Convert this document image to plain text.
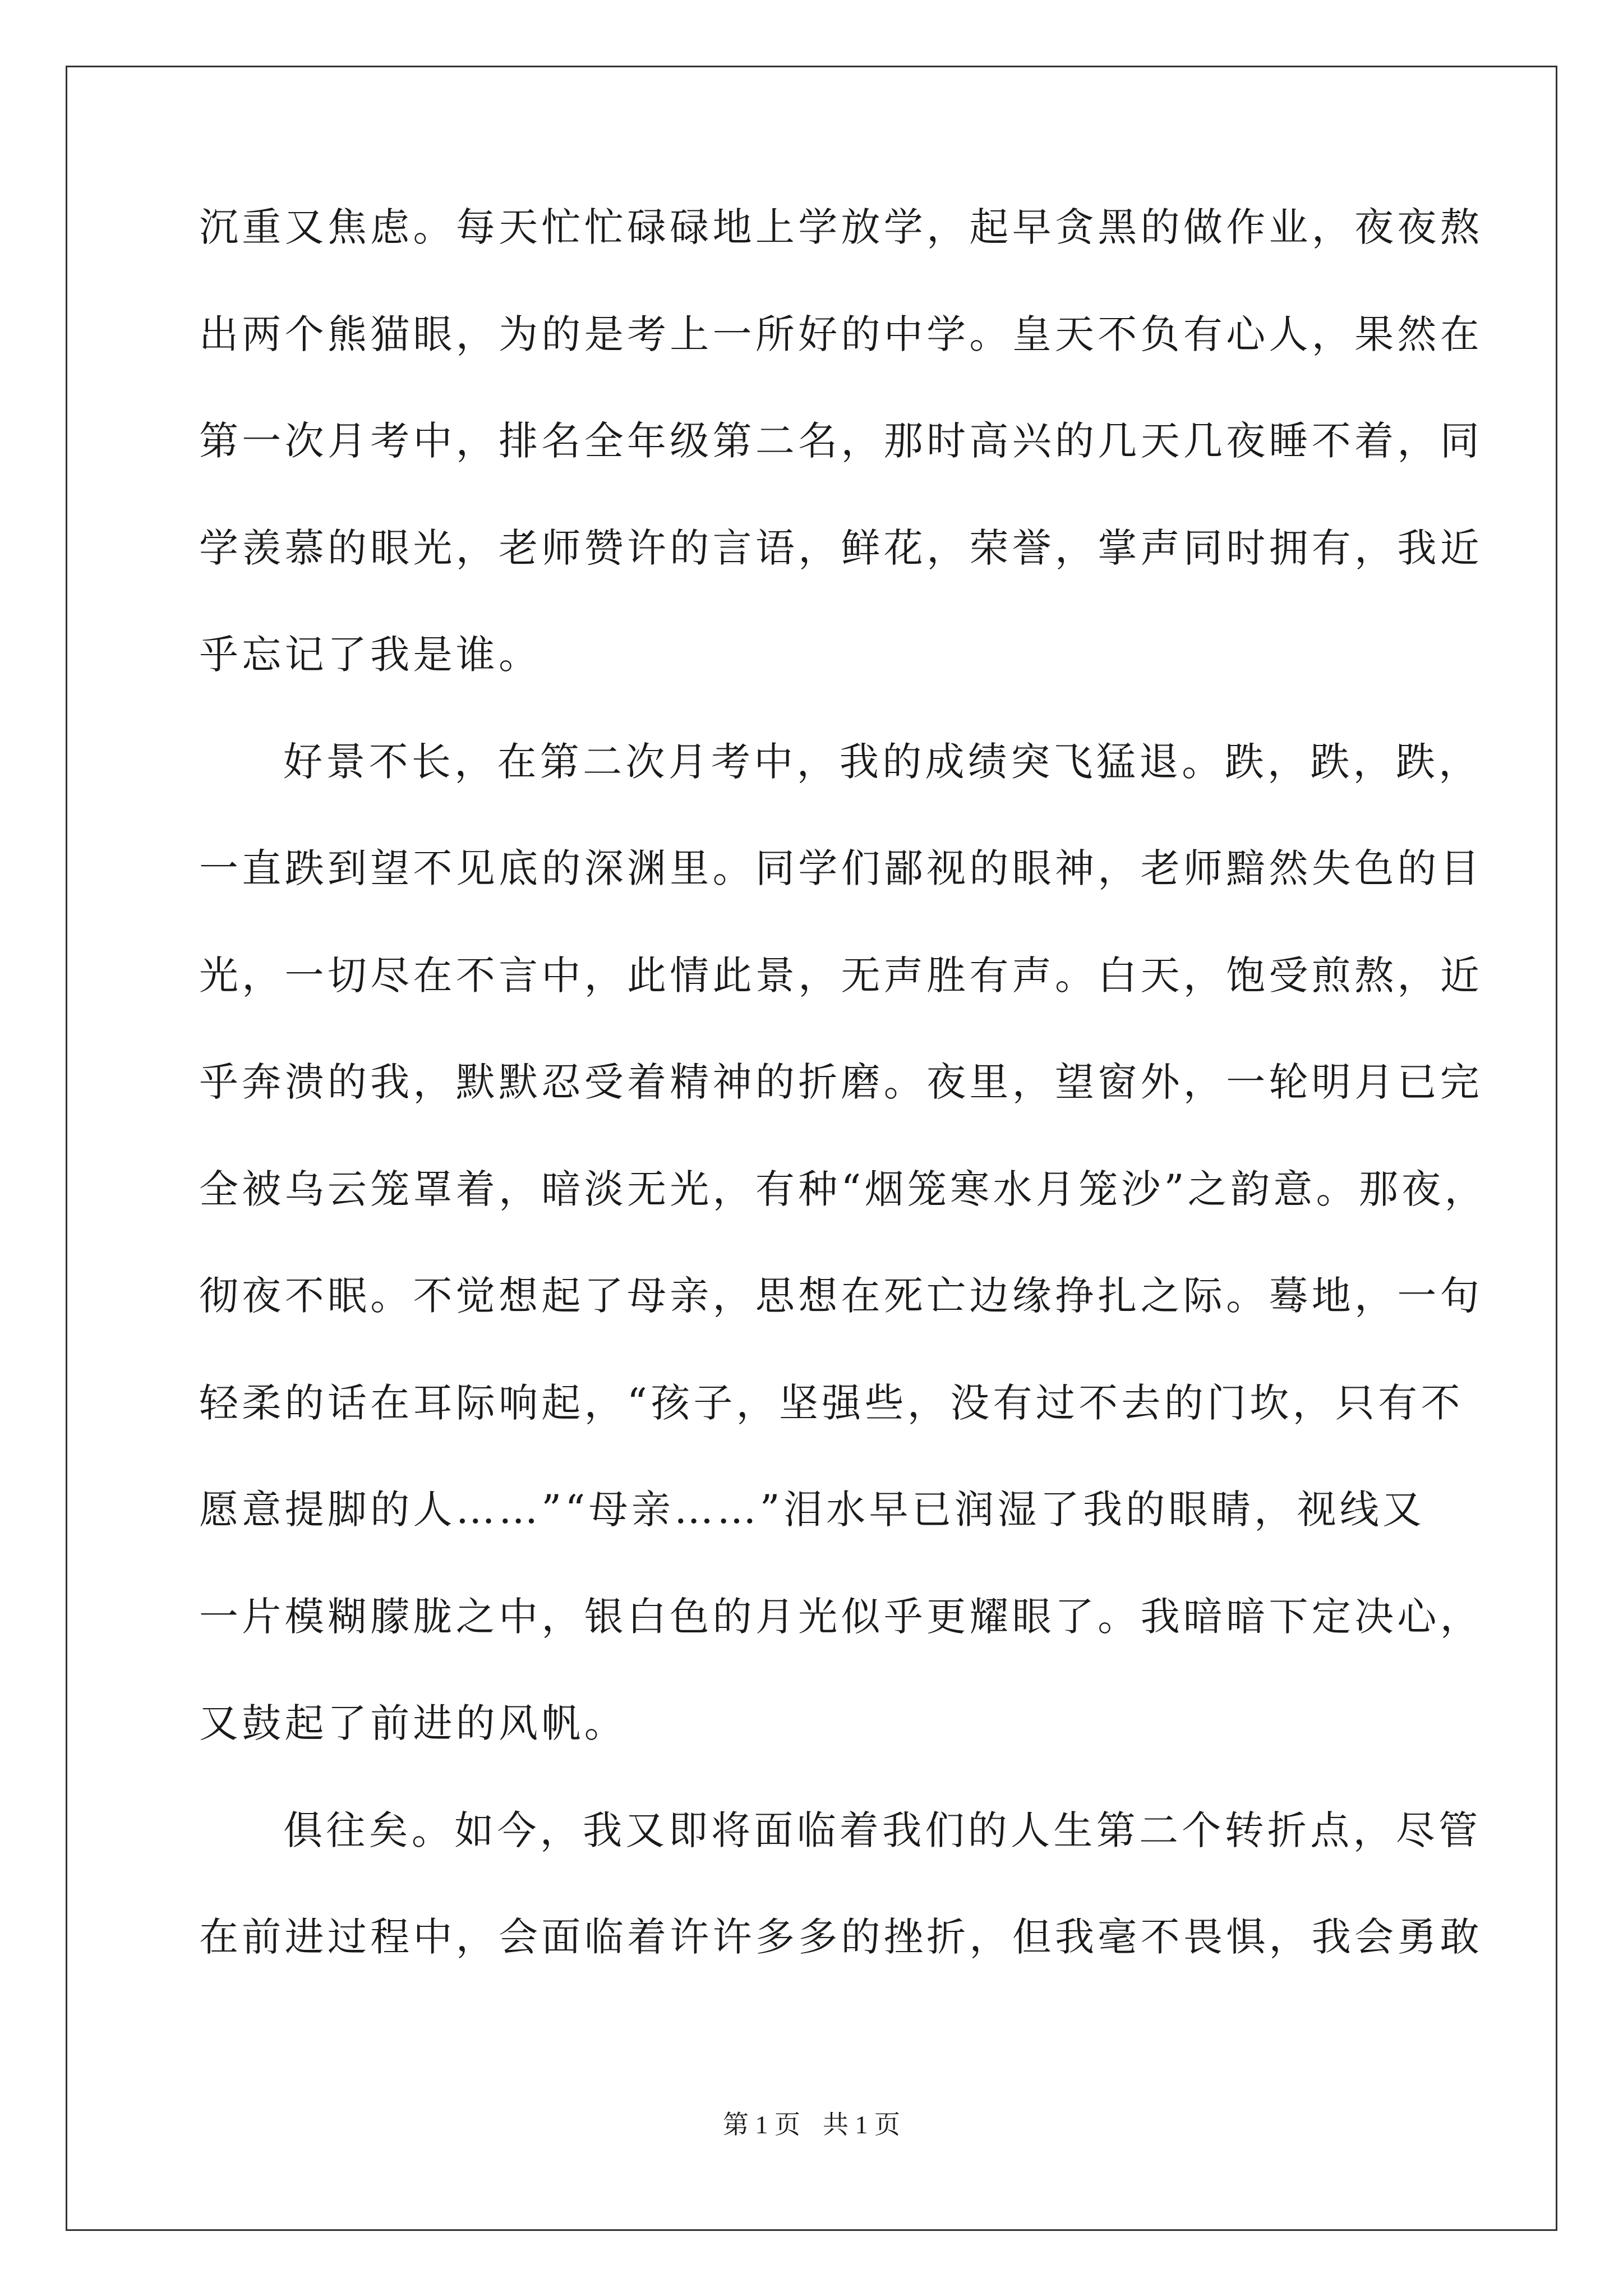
沉重又焦虑。每天忙忙碌碌地上学放学，起早贪黑的做作业，夜夜熬
出两个熊猫眼，为的是考上一所好的中学。皇天不负有心人，果然在
第一次月考中，排名全年级第二名，那时高兴的几天几夜睡不着，同
学羡慕的眼光，老师赞许的言语，鲜花，荣誉，掌声同时拥有，我近
乎忘记了我是谁。
好景不长，在第二次月考中，我的成绩突飞猛退。跌，跌，跌，
一直跌到望不见底的深渊里。同学们鄙视的眼神，老师黯然失色的目
光，一切尽在不言中，此情此景，无声胜有声。白天，饱受煎熬，近
乎奔溃的我，默默忍受着精神的折磨。夜里，望窗外，一轮明月已完
全被乌云笼罩着，暗淡无光，有种“烟笼寒水月笼沙”之韵意。那夜，
彻夜不眠。不觉想起了母亲，思想在死亡边缘挣扎之际。蓦地，一句
轻柔的话在耳际响起，“孩子，坚强些，没有过不去的门坎，只有不
愿意提脚的人……”“母亲……”泪水早已润湿了我的眼睛，视线又
一片模糊朦胧之中，银白色的月光似乎更耀眼了。我暗暗下定决心，
又鼓起了前进的风帆。
俱往矣。如今，我又即将面临着我们的人生第二个转折点，尽管
在前进过程中，会面临着许许多多的挫折，但我毫不畏惧，我会勇敢
第 1 页 共 1 页
